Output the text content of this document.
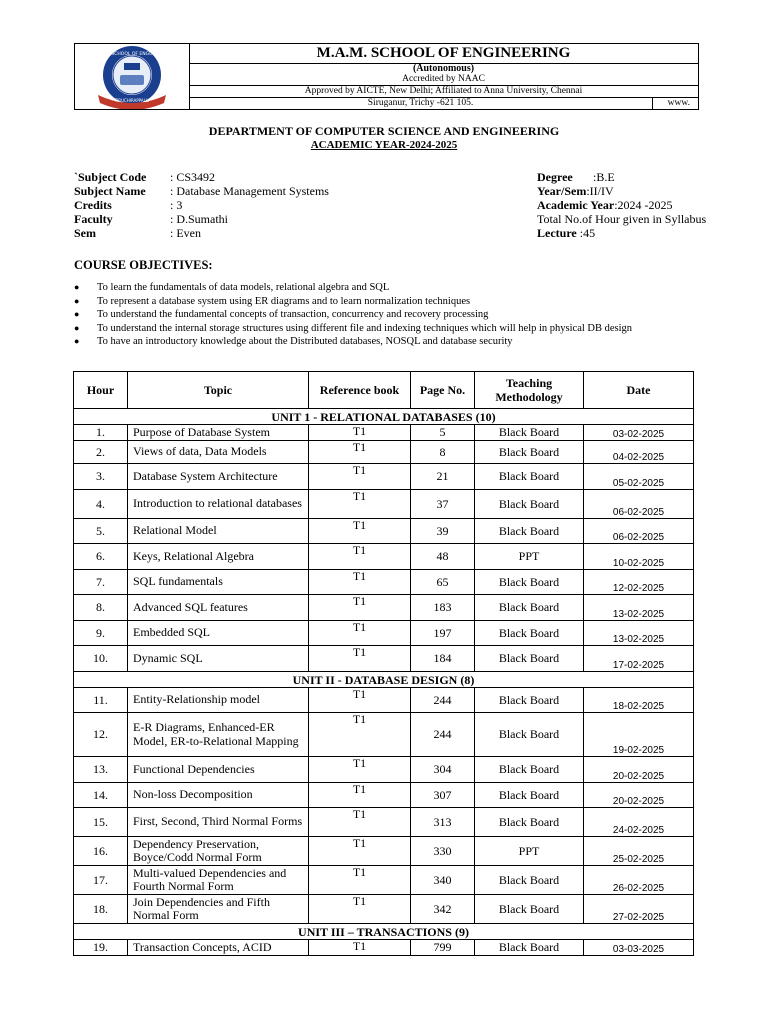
SCHOOL OF ENGG
TIRUCHIRAPPALLI
M.A.M. SCHOOL OF ENGINEERING
(Autonomous)
Accredited by NAAC
Approved by AICTE, New Delhi; Affiliated to Anna University, Chennai
Siruganur, Trichy -621 105.	www.
DEPARTMENT OF COMPUTER SCIENCE AND ENGINEERING
ACADEMIC YEAR-2024-2025
`Subject Code : CS3492
Subject Name : Database Management Systems
Credits	: 3
Faculty	: D.Sumathi
Sem	: Even
Degree :B.E
Year/Sem:II/IV
Academic Year:2024 -2025
Total No.of Hour given in Syllabus
Lecture :45
COURSE OBJECTIVES:
● To learn the fundamentals of data models, relational algebra and SQL
● To represent a database system using ER diagrams and to learn normalization techniques
● To understand the fundamental concepts of transaction, concurrency and recovery processing
● To understand the internal storage structures using different file and indexing techniques which will help in physical DB design
● To have an introductory knowledge about the Distributed databases, NOSQL and database security
Hour	Topic	Reference book	Page No.	Teaching Methodology	Date
UNIT 1 - RELATIONAL DATABASES (10)					
1.	Purpose of Database System	T1	5	Black Board	03-02-2025
2.	Views of data, Data Models	T1	8	Black Board	04-02-2025
3.	Database System Architecture	T1	21	Black Board	05-02-2025
4.	Introduction to relational databases	T1	37	Black Board	06-02-2025
5.	Relational Model	T1	39	Black Board	06-02-2025
6.	Keys, Relational Algebra	T1	48	PPT	10-02-2025
7.	SQL fundamentals	T1	65	Black Board	12-02-2025
8.	Advanced SQL features	T1	183	Black Board	13-02-2025
9.	Embedded SQL	T1	197	Black Board	13-02-2025
10.	Dynamic SQL	T1	184	Black Board	17-02-2025
UNIT II - DATABASE DESIGN (8)					
11.	Entity-Relationship model	T1	244	Black Board	18-02-2025
12.	E-R Diagrams, Enhanced-ER Model, ER-to-Relational Mapping	T1	244	Black Board	19-02-2025
13.	Functional Dependencies	T1	304	Black Board	20-02-2025
14.	Non-loss Decomposition	T1	307	Black Board	20-02-2025
15.	First, Second, Third Normal Forms	T1	313	Black Board	24-02-2025
16.	Dependency Preservation, Boyce/Codd Normal Form	T1	330	PPT	25-02-2025
17.	Multi-valued Dependencies and Fourth Normal Form	T1	340	Black Board	26-02-2025
18.	Join Dependencies and Fifth Normal Form	T1	342	Black Board	27-02-2025
UNIT III – TRANSACTIONS (9)					
19.	Transaction Concepts, ACID	T1	799	Black Board	03-03-2025
